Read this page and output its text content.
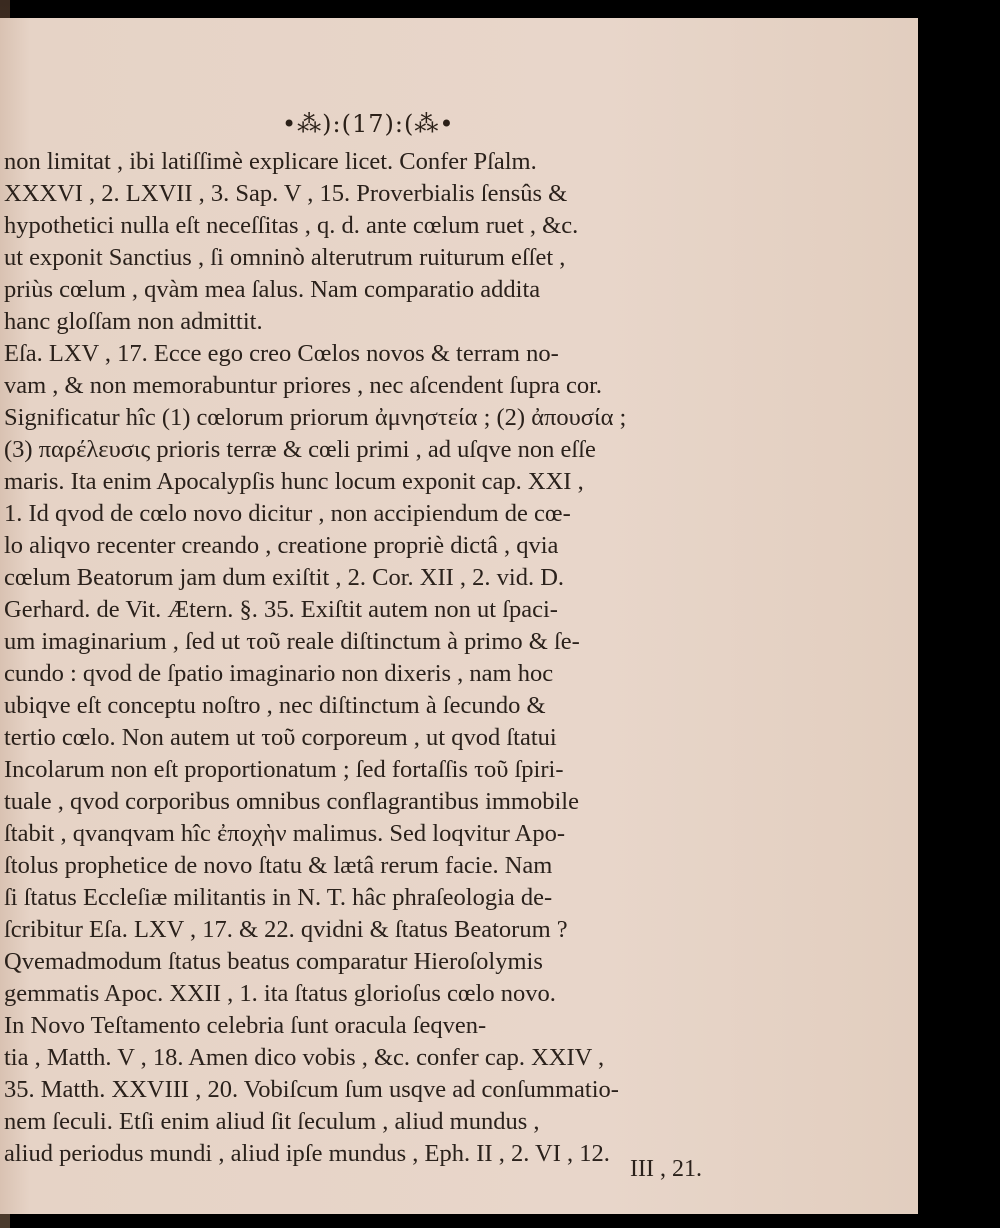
•⁂):(17):(⁂•
non limitat , ibi latiſſimè explicare licet. Confer Pſalm.
XXXVI , 2. LXVII , 3. Sap. V , 15. Proverbialis ſensûs &
hypothetici nulla eſt neceſſitas , q. d. ante cœlum ruet , &c.
ut exponit Sanctius , ſi omninò alterutrum ruiturum eſſet ,
priùs cœlum , qvàm mea ſalus. Nam comparatio addita
hanc gloſſam non admittit.
Eſa. LXV , 17. Ecce ego creo Cœlos novos & terram no-
vam , & non memorabuntur priores , nec aſcendent ſupra cor.
Significatur hîc (1) cœlorum priorum ἀμνηστεία ; (2) ἀπουσία ;
(3) παρέλευσις prioris terræ & cœli primi , ad uſqve non eſſe
maris. Ita enim Apocalypſis hunc locum exponit cap. XXI ,
1. Id qvod de cœlo novo dicitur , non accipiendum de cœ-
lo aliqvo recenter creando , creatione propriè dictâ , qvia
cœlum Beatorum jam dum exiſtit , 2. Cor. XII , 2. vid. D.
Gerhard. de Vit. Ætern. §. 35. Exiſtit autem non ut ſpaci-
um imaginarium , ſed ut τοῦ reale diſtinctum à primo & ſe-
cundo : qvod de ſpatio imaginario non dixeris , nam hoc
ubiqve eſt conceptu noſtro , nec diſtinctum à ſecundo &
tertio cœlo. Non autem ut τοῦ corporeum , ut qvod ſtatui
Incolarum non eſt proportionatum ; ſed fortaſſis τοῦ ſpiri-
tuale , qvod corporibus omnibus conflagrantibus immobile
ſtabit , qvanqvam hîc ἐποχὴν malimus. Sed loqvitur Apo-
ſtolus prophetice de novo ſtatu & lætâ rerum facie. Nam
ſi ſtatus Eccleſiæ militantis in N. T. hâc phraſeologia de-
ſcribitur Eſa. LXV , 17. & 22. qvidni & ſtatus Beatorum ?
Qvemadmodum ſtatus beatus comparatur Hieroſolymis
gemmatis Apoc. XXII , 1. ita ſtatus glorioſus cœlo novo.
In Novo Teſtamento celebria ſunt oracula ſeqven-
tia , Matth. V , 18. Amen dico vobis , &c. confer cap. XXIV ,
35. Matth. XXVIII , 20. Vobiſcum ſum usqve ad conſummatio-
nem ſeculi. Etſi enim aliud ſit ſeculum , aliud mundus ,
aliud periodus mundi , aliud ipſe mundus , Eph. II , 2. VI , 12.
III , 21.
